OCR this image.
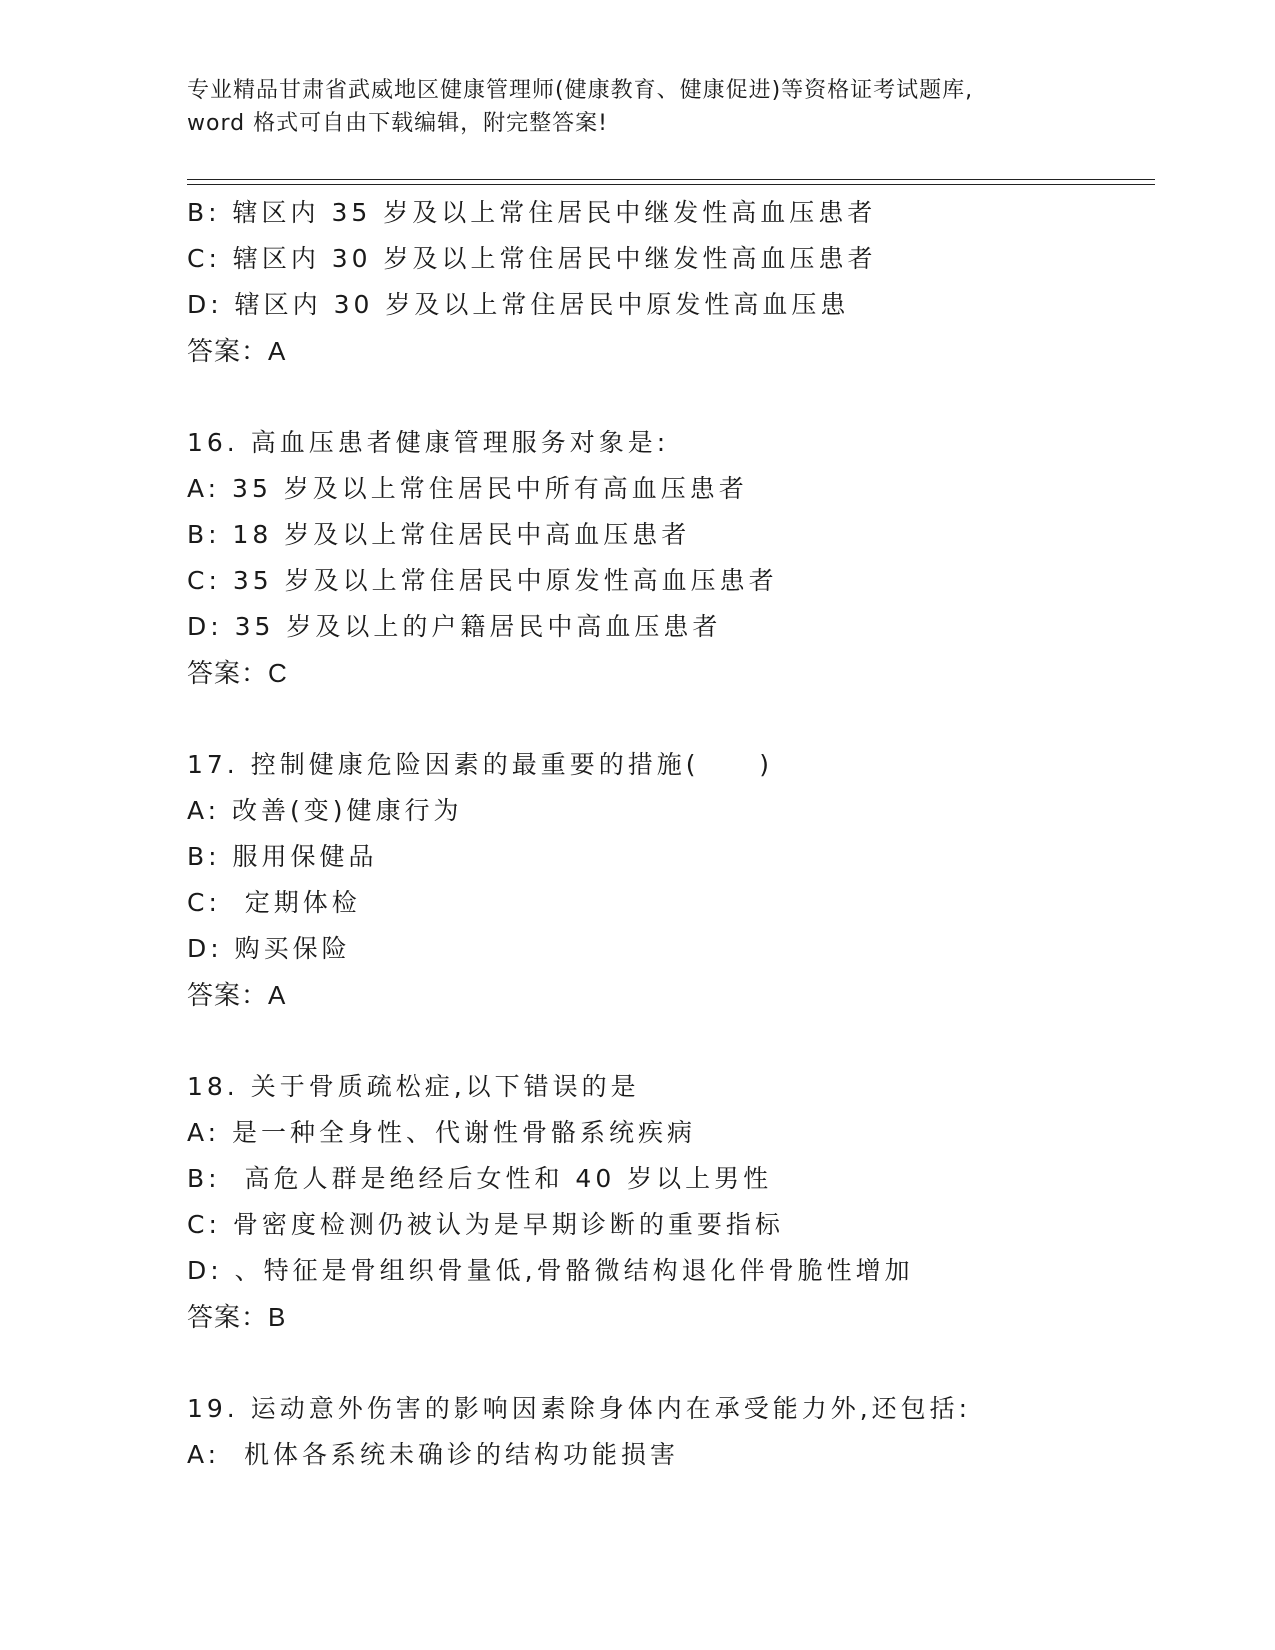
专业精品甘肃省武威地区健康管理师(健康教育、健康促进)等资格证考试题库,
word 格式可自由下载编辑，附完整答案!
B: 辖区内 35 岁及以上常住居民中继发性高血压患者
C: 辖区内 30 岁及以上常住居民中继发性高血压患者
D: 辖区内 30 岁及以上常住居民中原发性高血压患
答案：A
16. 高血压患者健康管理服务对象是:
A: 35 岁及以上常住居民中所有高血压患者
B: 18 岁及以上常住居民中高血压患者
C: 35 岁及以上常住居民中原发性高血压患者
D: 35 岁及以上的户籍居民中高血压患者
答案：C
17. 控制健康危险因素的最重要的措施(     )
A: 改善(变)健康行为
B: 服用保健品
C:  定期体检
D: 购买保险
答案：A
18. 关于骨质疏松症,以下错误的是
A: 是一种全身性、代谢性骨骼系统疾病
B:  高危人群是绝经后女性和 40 岁以上男性
C: 骨密度检测仍被认为是早期诊断的重要指标
D: 、特征是骨组织骨量低,骨骼微结构退化伴骨脆性增加
答案：B
19. 运动意外伤害的影响因素除身体内在承受能力外,还包括:
A:  机体各系统未确诊的结构功能损害
